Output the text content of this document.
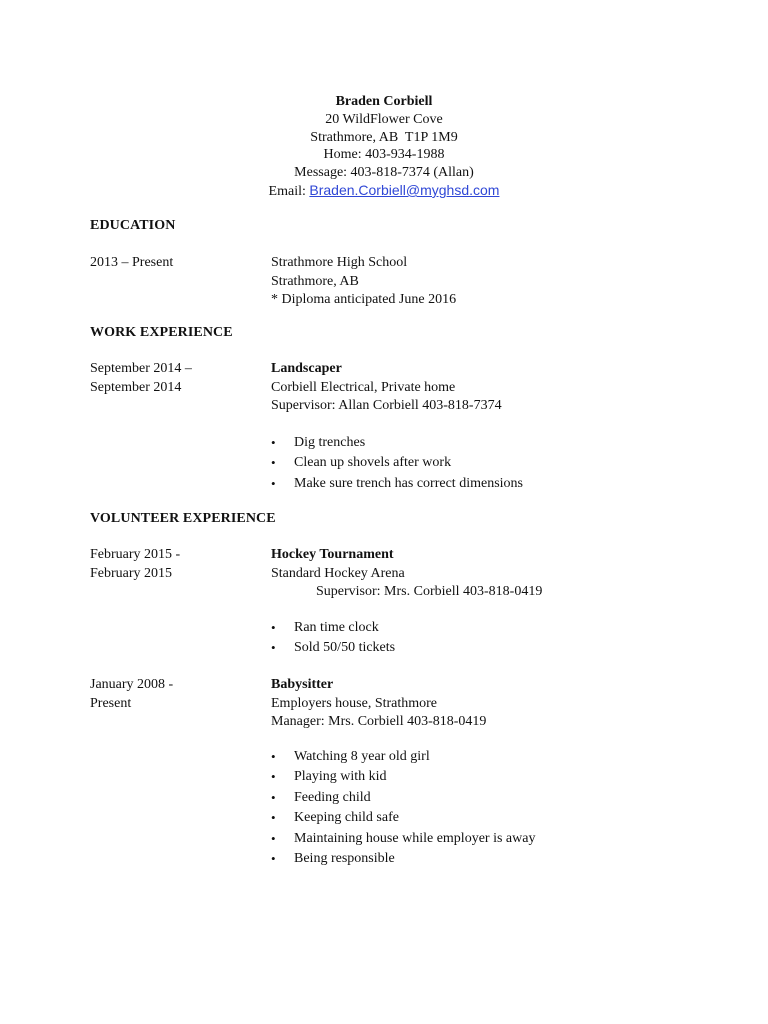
Braden Corbiell
20 WildFlower Cove
Strathmore, AB  T1P 1M9
Home: 403-934-1988
Message: 403-818-7374 (Allan)
Email: Braden.Corbiell@myghsd.com
EDUCATION
2013 – Present	Strathmore High School
Strathmore, AB
* Diploma anticipated June 2016
WORK EXPERIENCE
September 2014 –
September 2014
Landscaper
Corbiell Electrical, Private home
Supervisor: Allan Corbiell 403-818-7374
• Dig trenches
• Clean up shovels after work
• Make sure trench has correct dimensions
VOLUNTEER EXPERIENCE
February 2015 -
February 2015
Hockey Tournament
Standard Hockey Arena
Supervisor: Mrs. Corbiell 403-818-0419
• Ran time clock
• Sold 50/50 tickets
January 2008 -
Present
Babysitter
Employers house, Strathmore
Manager: Mrs. Corbiell 403-818-0419
• Watching 8 year old girl
• Playing with kid
• Feeding child
• Keeping child safe
• Maintaining house while employer is away
• Being responsible
